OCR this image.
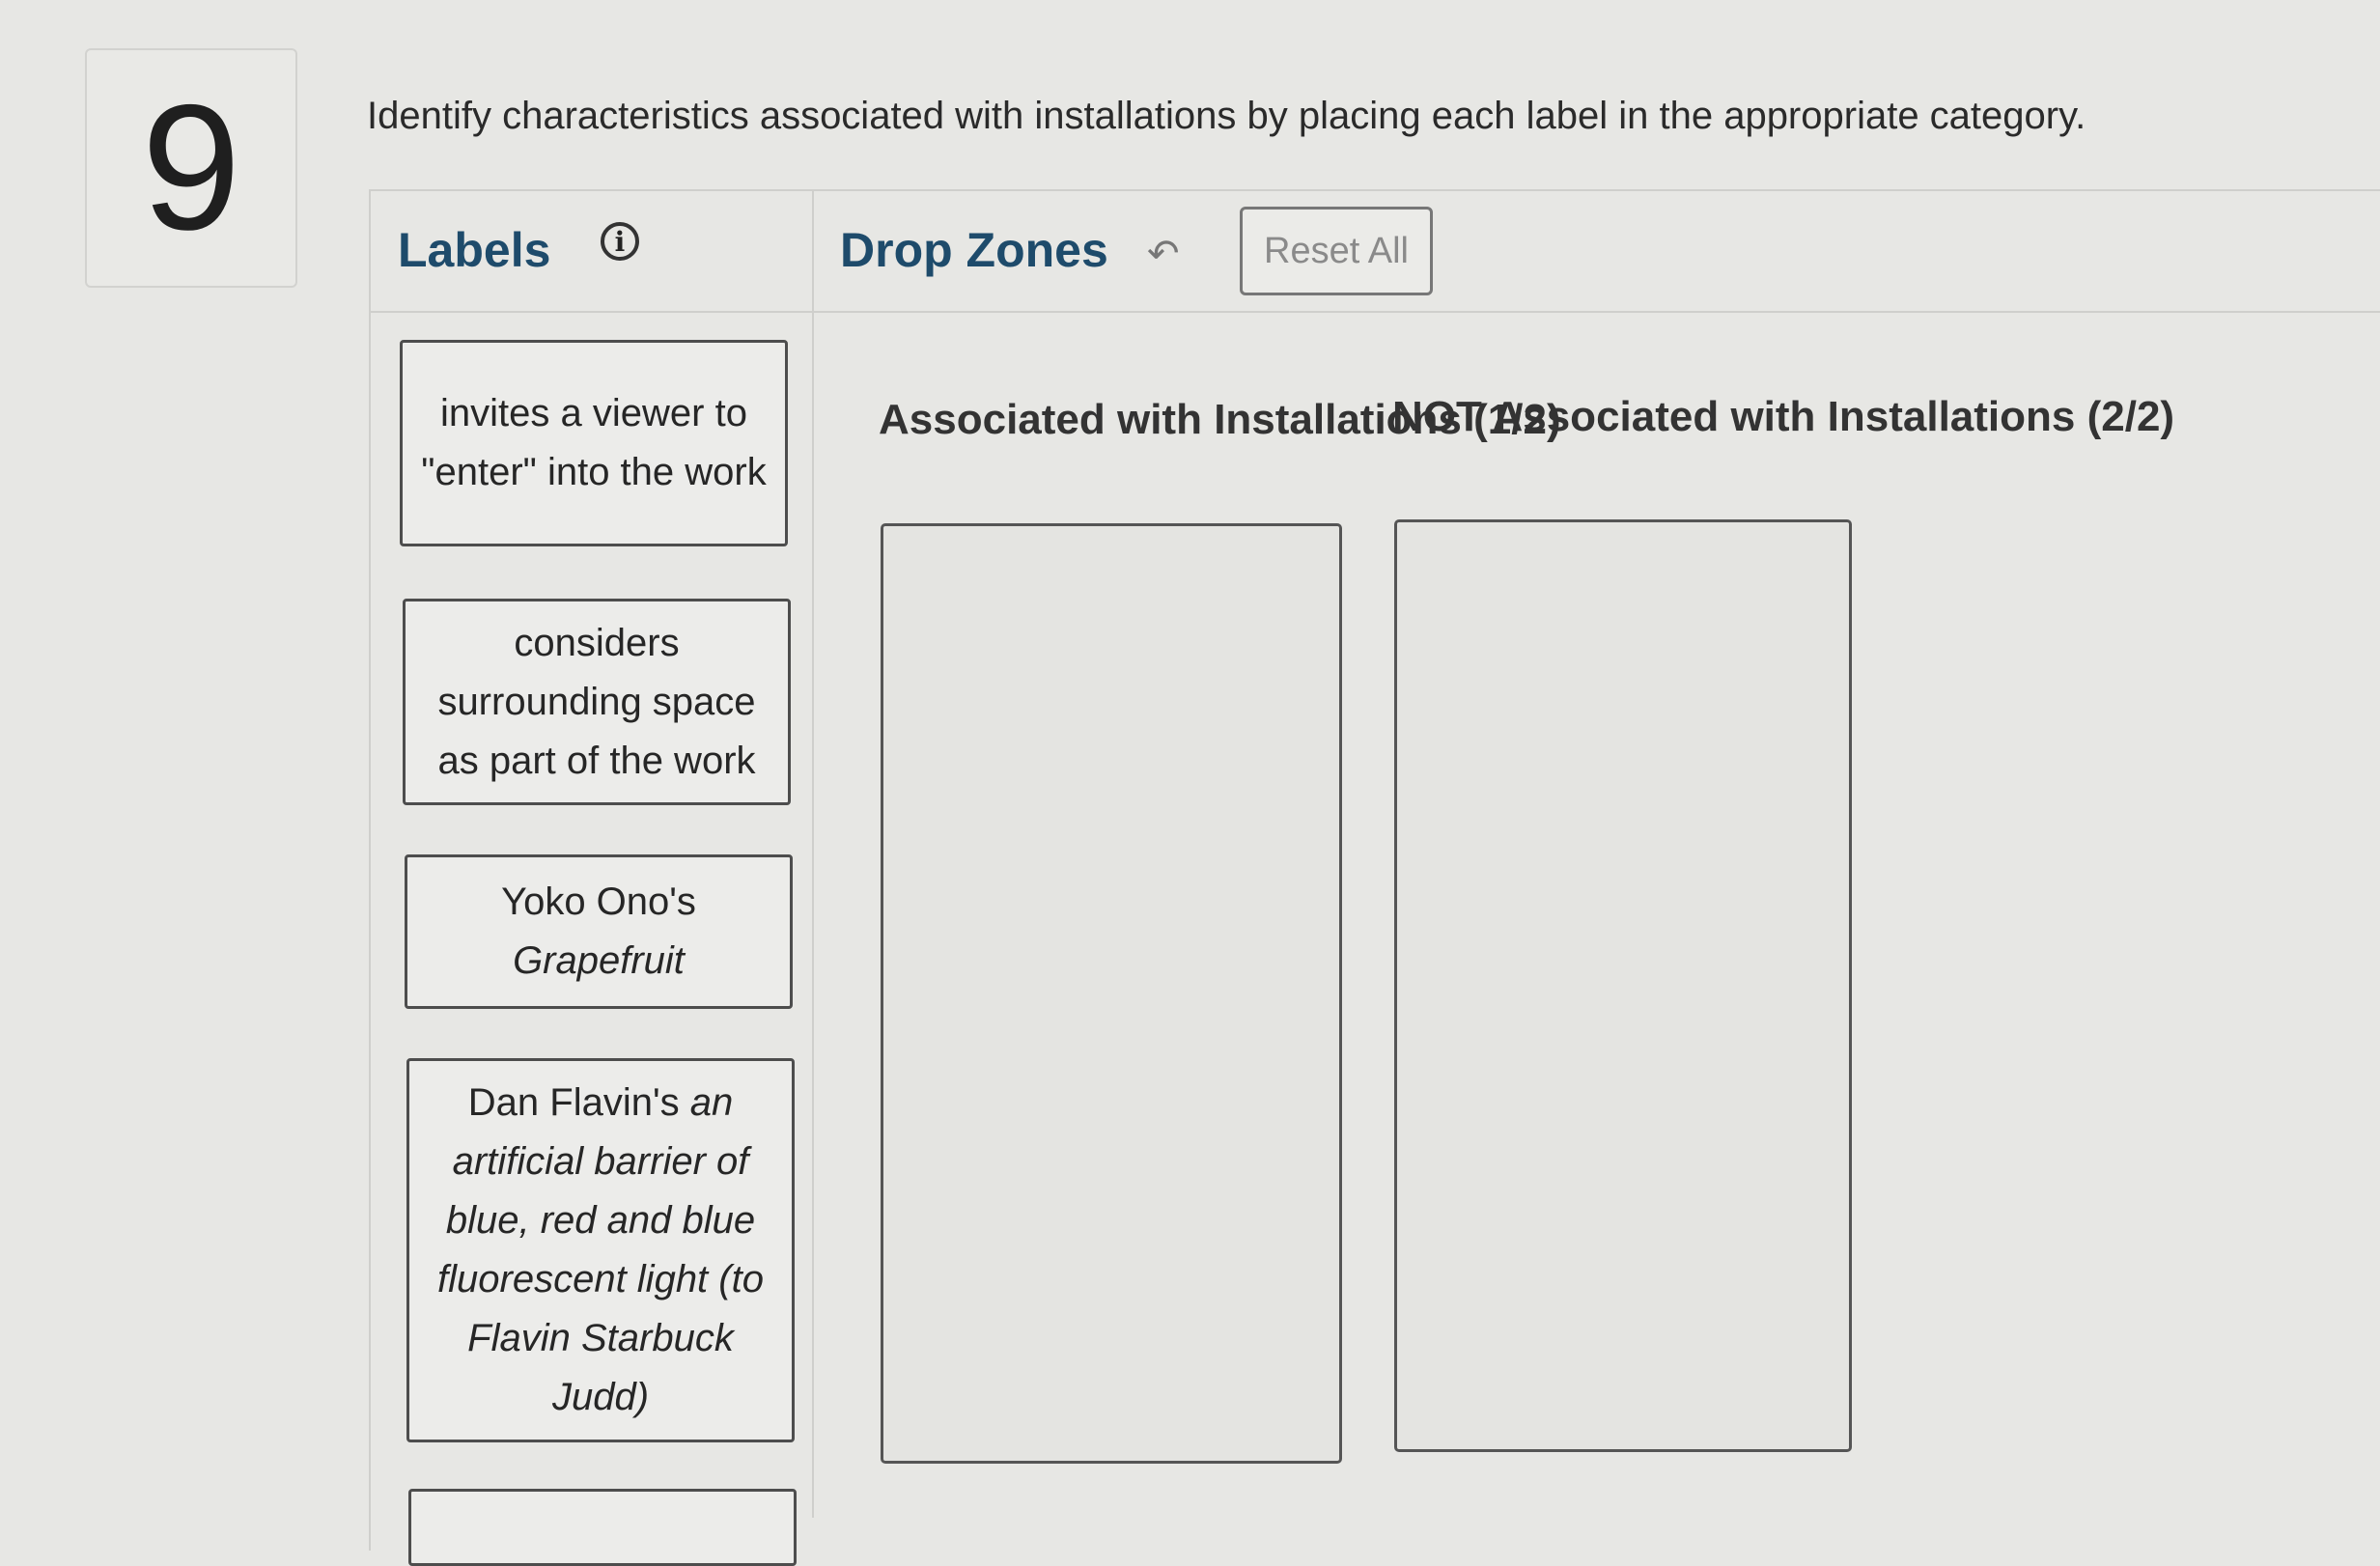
9	Identify characteristics associated with installations by placing each label in the appropriate category.
Labels	i	Drop Zones ↶	Reset All
invites a viewer to "enter" into the work
considers surrounding space as part of the work
Yoko Ono's
Grapefruit
Dan Flavin's an artificial barrier of blue, red and blue fluorescent light (to Flavin Starbuck Judd)
Associated with Installations (1/2)
NOT Associated with Installations (2/2)
